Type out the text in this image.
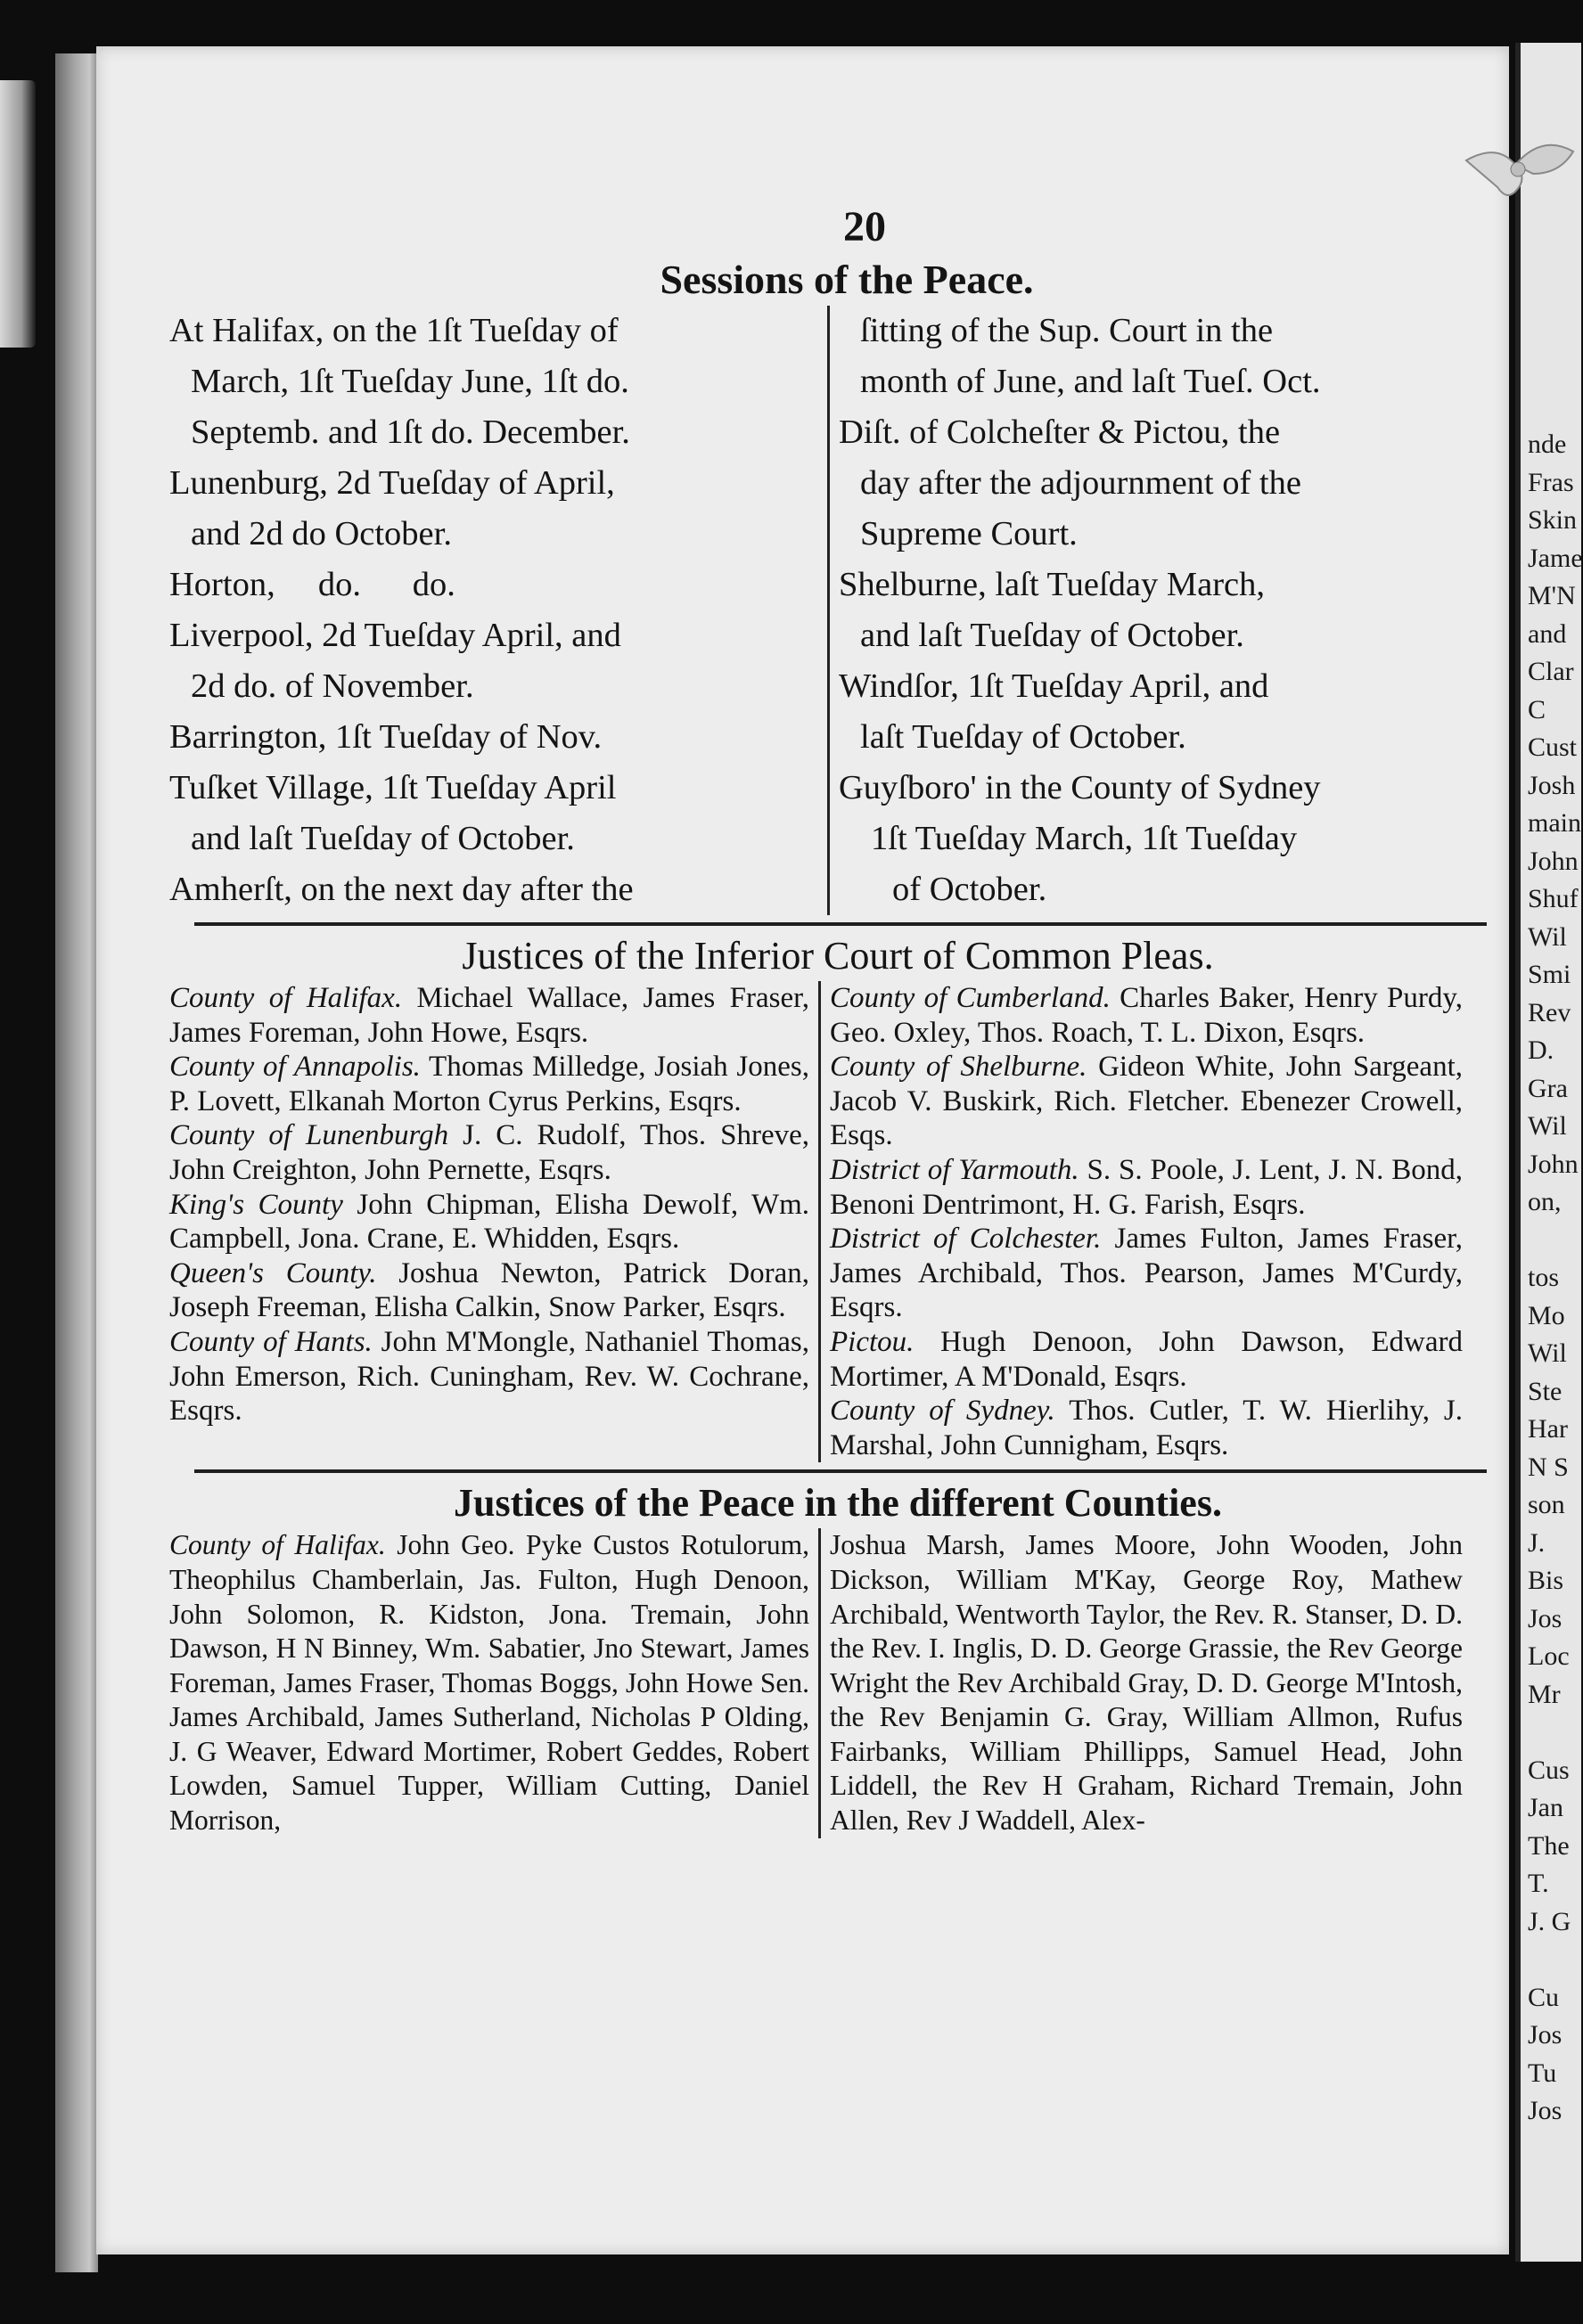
nde
Fras
Skin
Jame
M'N
and
Clar
C
Cust
Josh
main
John
Shuf
Wil
Smi
Rev
D.
Gra
Wil
John
on,

tos
Mo
Wil
Ste
Har
N S
son
J.
Bis
Jos
Loc
Mr

Cus
Jan
The
T.
J. G

Cu
Jos
Tu
Jos
20
Sessions of the Peace.
At Halifax, on the 1ſt Tueſday of
March, 1ſt Tueſday June, 1ſt do.
Septemb. and 1ſt do. December.
Lunenburg, 2d Tueſday of April,
and 2d do October.
Horton,     do.      do.
Liverpool, 2d Tueſday April, and
2d do. of November.
Barrington, 1ſt Tueſday of Nov.
Tuſket Village, 1ſt Tueſday April
and laſt Tueſday of October.
Amherſt, on the next day after the
ſitting of the Sup. Court in the
month of June, and laſt Tueſ. Oct.
Diſt. of Colcheſter & Pictou, the
day after the adjournment of the
Supreme Court.
Shelburne, laſt Tueſday March,
and laſt Tueſday of October.
Windſor, 1ſt Tueſday April, and
laſt Tueſday of October.
Guyſboro' in the County of Sydney
1ſt Tueſday March, 1ſt Tueſday
of October.
Justices of the Inferior Court of Common Pleas.

County of Halifax. Michael Wallace, James Fraser, James Foreman, John Howe, Esqrs.

County of Annapolis. Thomas Milledge, Josiah Jones, P. Lovett, Elkanah Morton Cyrus Perkins, Esqrs.

County of Lunenburgh J. C. Rudolf, Thos. Shreve, John Creighton, John Pernette, Esqrs.

King's County John Chipman, Elisha Dewolf, Wm. Campbell, Jona. Crane, E. Whidden, Esqrs.

Queen's County. Joshua Newton, Patrick Doran, Joseph Freeman, Elisha Calkin, Snow Parker, Esqrs.

County of Hants. John M'Mongle, Nathaniel Thomas, John Emerson, Rich. Cuningham, Rev. W. Cochrane, Esqrs.

County of Cumberland. Charles Baker, Henry Purdy, Geo. Oxley, Thos. Roach, T. L. Dixon, Esqrs.

County of Shelburne. Gideon White, John Sargeant, Jacob V. Buskirk, Rich. Fletcher. Ebenezer Crowell, Esqs.

District of Yarmouth. S. S. Poole, J. Lent, J. N. Bond, Benoni Dentrimont, H. G. Farish, Esqrs.

District of Colchester. James Fulton, James Fraser, James Archibald, Thos. Pearson, James M'Curdy, Esqrs.

Pictou. Hugh Denoon, John Dawson, Edward Mortimer, A M'Donald, Esqrs.

County of Sydney. Thos. Cutler, T. W. Hierlihy, J. Marshal, John Cunnigham, Esqrs.

Justices of the Peace in the different Counties.

County of Halifax. John Geo. Pyke Custos Rotulorum, Theophilus Chamberlain, Jas. Fulton, Hugh Denoon, John Solomon, R. Kidston, Jona. Tremain, John Dawson, H N Binney, Wm. Sabatier, Jno Stewart, James Foreman, James Fraser, Thomas Boggs, John Howe Sen. James Archibald, James Sutherland, Nicholas P Olding, J. G Weaver, Edward Mortimer, Robert Geddes, Robert Lowden, Samuel Tupper, William Cutting, Daniel Morrison,

Joshua Marsh, James Moore, John Wooden, John Dickson, William M'Kay, George Roy, Mathew Archibald, Wentworth Taylor, the Rev. R. Stanser, D. D. the Rev. I. Inglis, D. D. George Grassie, the Rev George Wright the Rev Archibald Gray, D. D. George M'Intosh, the Rev Benjamin G. Gray, William Allmon, Rufus Fairbanks, William Phillipps, Samuel Head, John Liddell, the Rev H Graham, Richard Tremain, John Allen, Rev J Waddell, Alex-
